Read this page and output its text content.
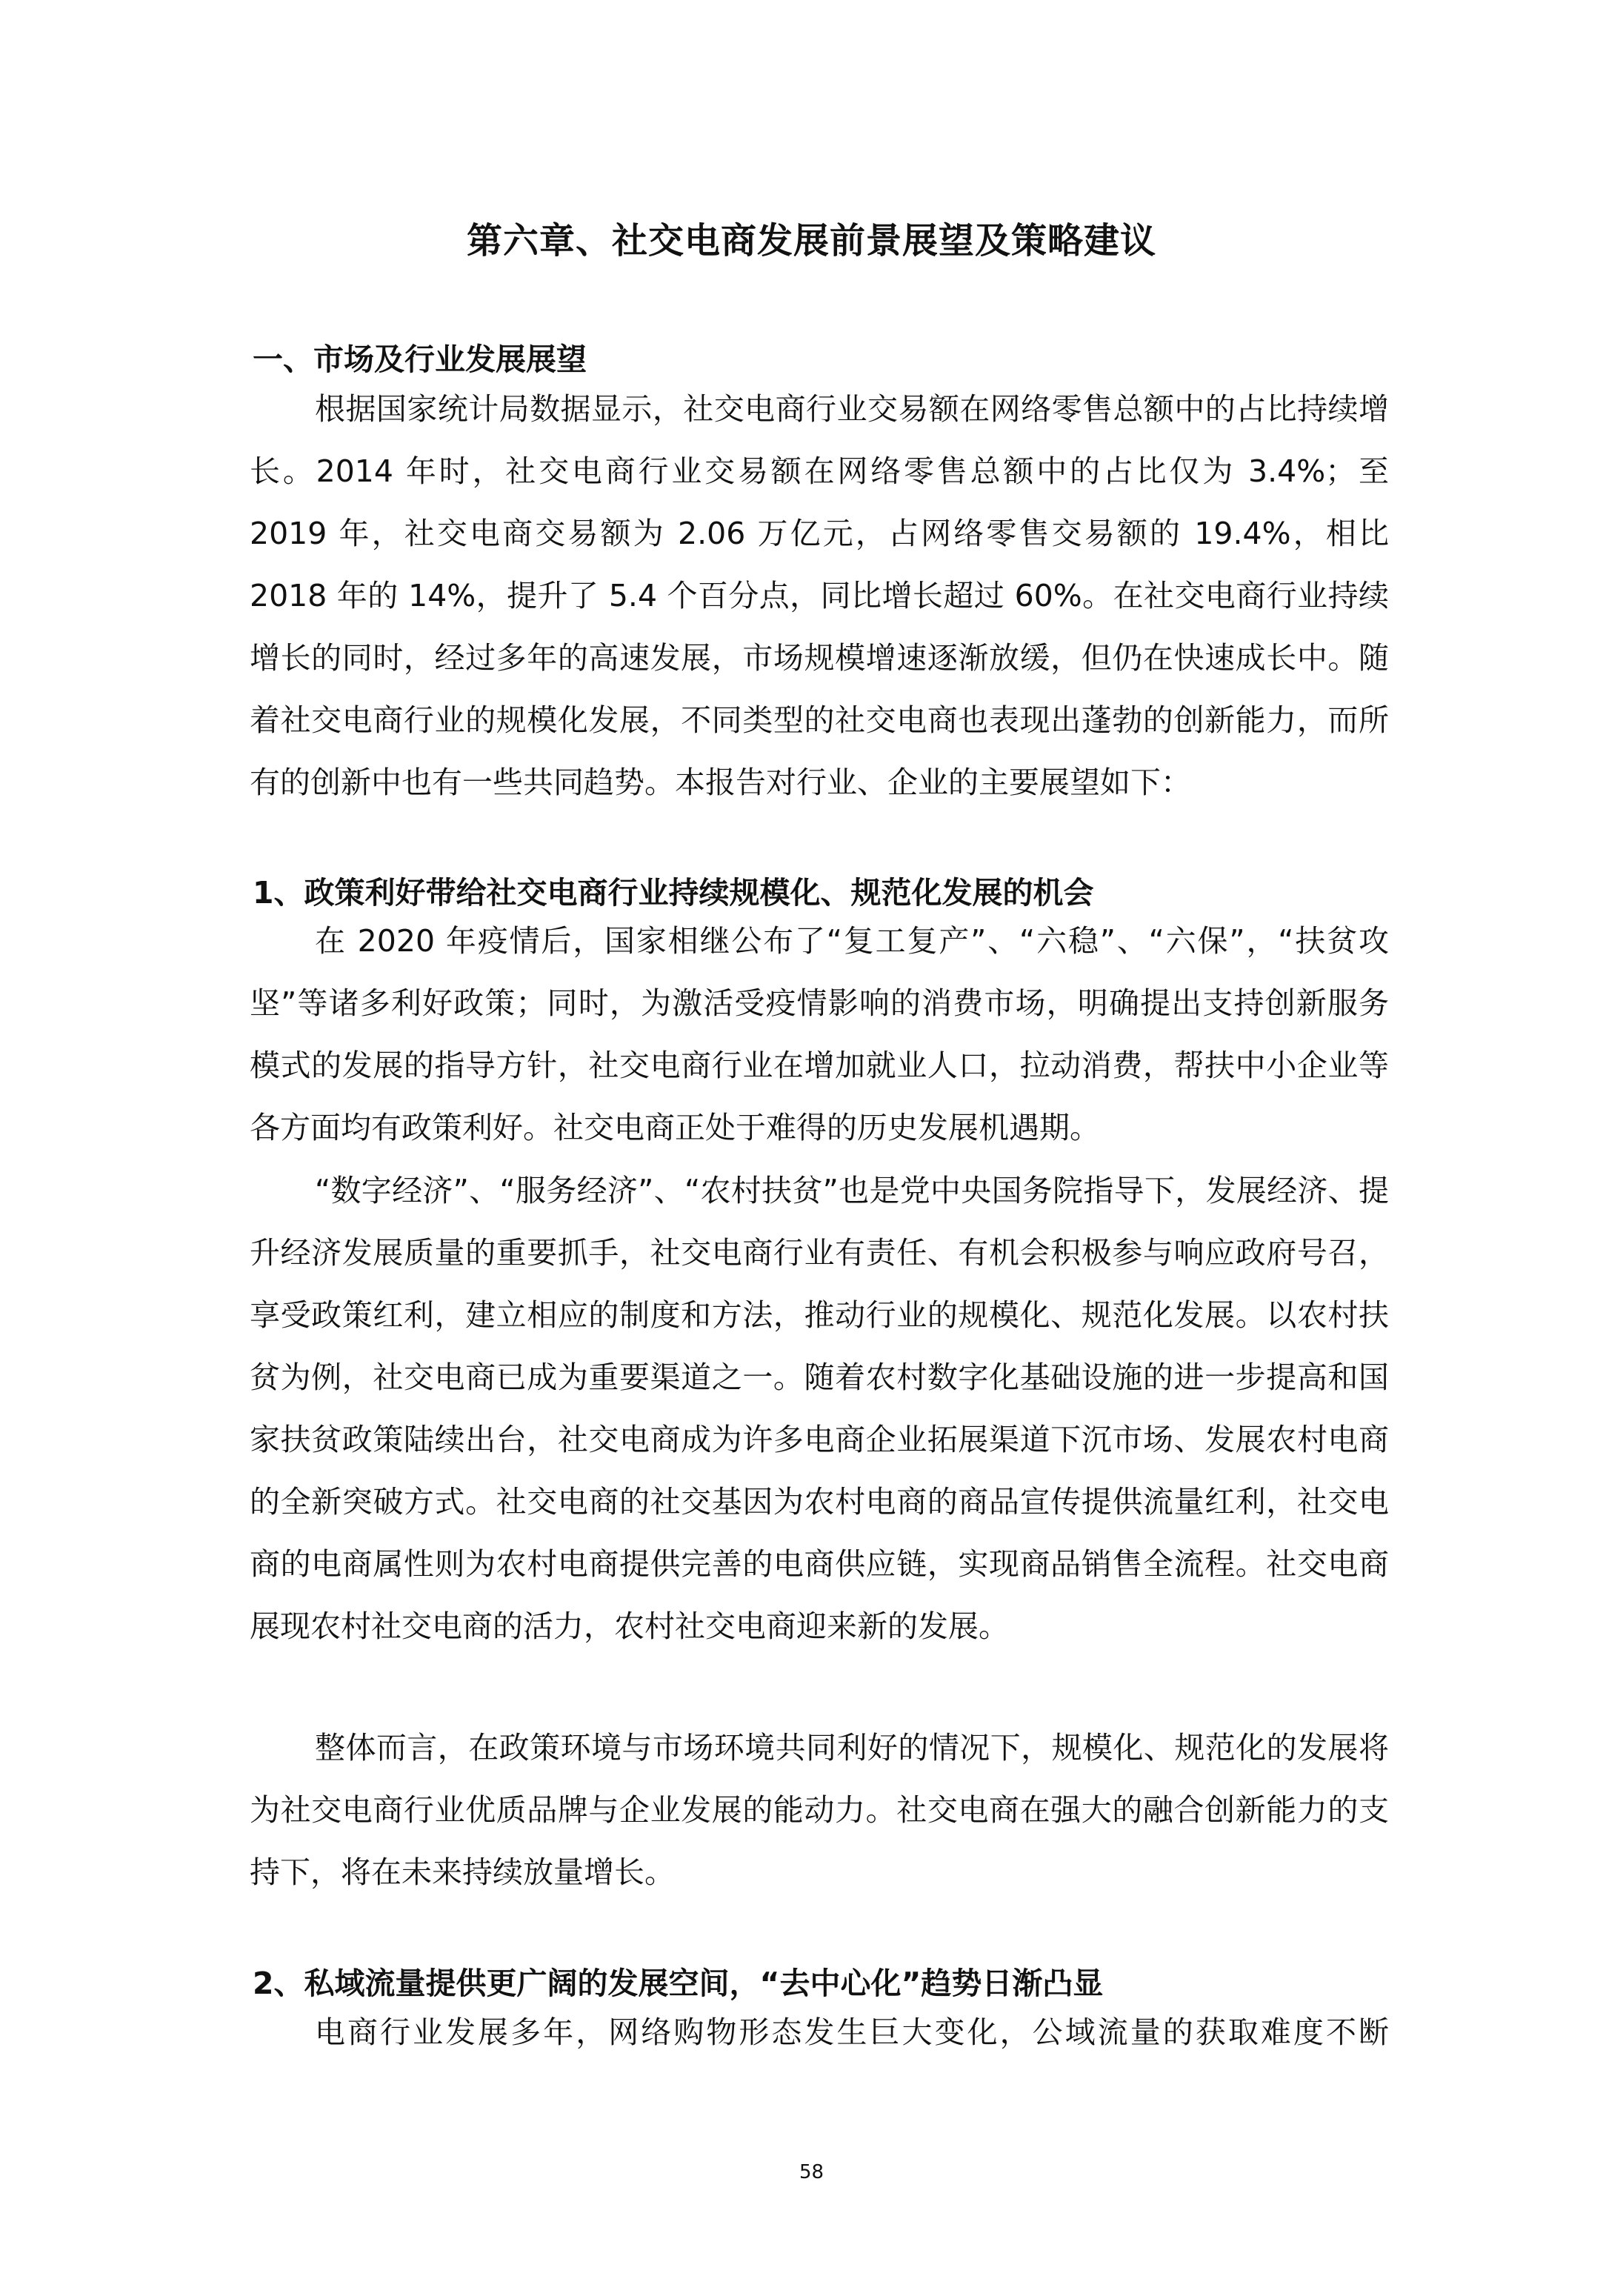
第六章、社交电商发展前景展望及策略建议
一、市场及行业发展展望

根据国家统计局数据显示，社交电商行业交易额在网络零售总额中的占比持续增长。2014 年时，社交电商行业交易额在网络零售总额中的占比仅为 3.4%；至 2019 年，社交电商交易额为 2.06 万亿元，占网络零售交易额的 19.4%，相比 2018 年的 14%，提升了 5.4 个百分点，同比增长超过 60%。在社交电商行业持续增长的同时，经过多年的高速发展，市场规模增速逐渐放缓，但仍在快速成长中。随着社交电商行业的规模化发展，不同类型的社交电商也表现出蓬勃的创新能力，而所有的创新中也有一些共同趋势。本报告对行业、企业的主要展望如下：

1、政策利好带给社交电商行业持续规模化、规范化发展的机会

在 2020 年疫情后，国家相继公布了“复工复产”、“六稳”、“六保”，“扶贫攻坚”等诸多利好政策；同时，为激活受疫情影响的消费市场，明确提出支持创新服务模式的发展的指导方针，社交电商行业在增加就业人口，拉动消费，帮扶中小企业等各方面均有政策利好。社交电商正处于难得的历史发展机遇期。

“数字经济”、“服务经济”、“农村扶贫”也是党中央国务院指导下，发展经济、提升经济发展质量的重要抓手，社交电商行业有责任、有机会积极参与响应政府号召，享受政策红利，建立相应的制度和方法，推动行业的规模化、规范化发展。以农村扶贫为例，社交电商已成为重要渠道之一。随着农村数字化基础设施的进一步提高和国家扶贫政策陆续出台，社交电商成为许多电商企业拓展渠道下沉市场、发展农村电商的全新突破方式。社交电商的社交基因为农村电商的商品宣传提供流量红利，社交电商的电商属性则为农村电商提供完善的电商供应链，实现商品销售全流程。社交电商展现农村社交电商的活力，农村社交电商迎来新的发展。

整体而言，在政策环境与市场环境共同利好的情况下，规模化、规范化的发展将为社交电商行业优质品牌与企业发展的能动力。社交电商在强大的融合创新能力的支持下，将在未来持续放量增长。

2、私域流量提供更广阔的发展空间，“去中心化”趋势日渐凸显

电商行业发展多年，网络购物形态发生巨大变化，公域流量的获取难度不断

58
